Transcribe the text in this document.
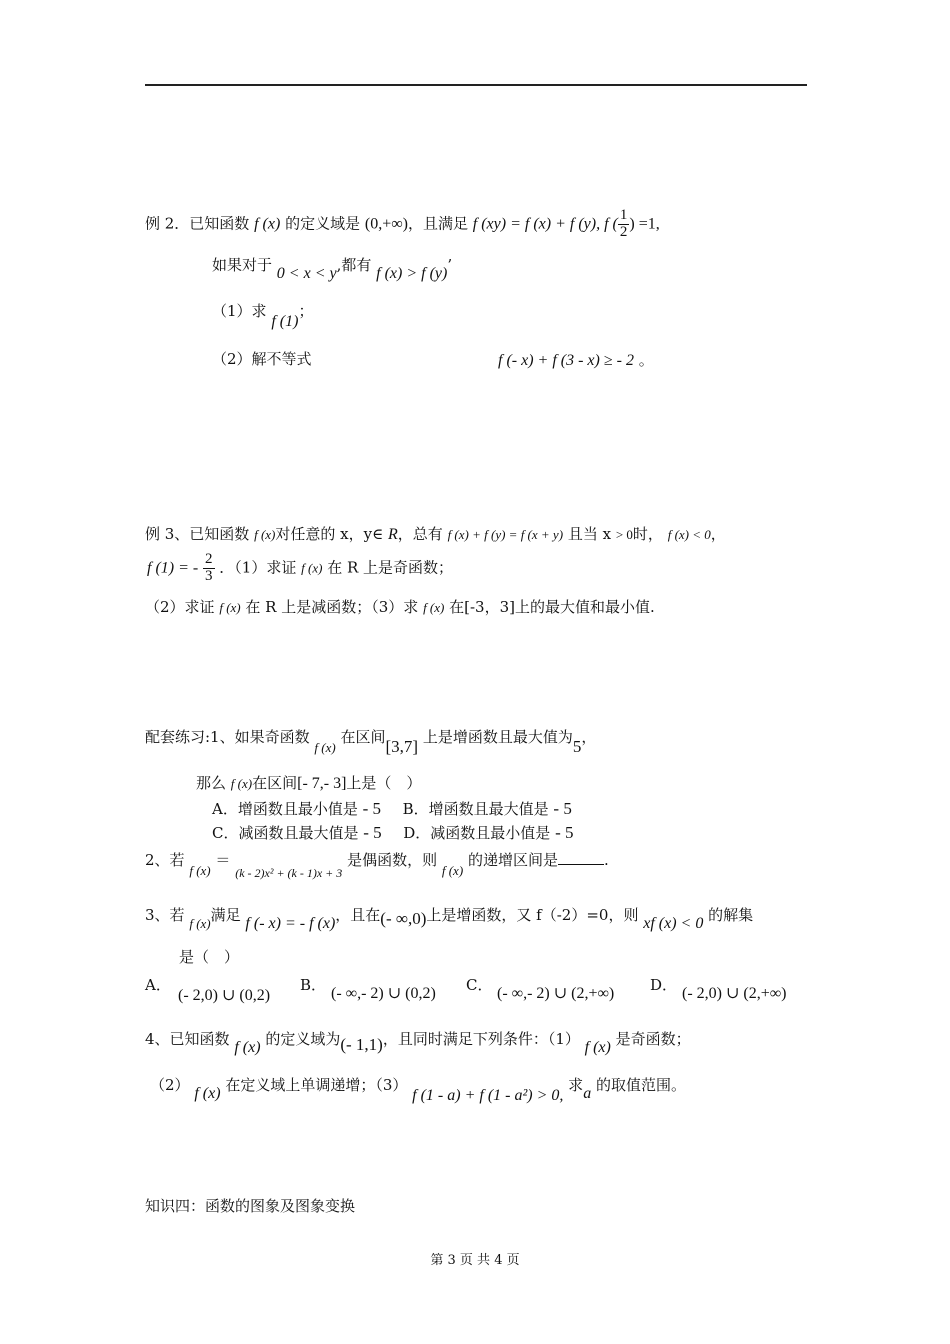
例 2．已知函数 f (x) 的定义域是 (0,+∞)，且满足 f (xy) = f (x) + f (y), f ( $\frac{1}{2}$ ) =1,
如果对于 0 < x < y,都有 f (x) > f (y)’
（1）求 f (1)；
（2）解不等式	f (- x) + f (3 - x) ≥ - 2 。
例 3、已知函数 f (x)对任意的 x，y∈ R，总有 f (x) + f (y) = f (x + y) 且当 x > 0时， f (x) < 0，
f (1) = - $\frac{2}{3}$ ．（1）求证 f (x) 在 R 上是奇函数；
（2）求证 f (x) 在 R 上是减函数；（3）求 f (x) 在[-3，3]上的最大值和最小值.
配套练习:1、如果奇函数 f (x) 在区间[3,7] 上是增函数且最大值为5，
那么 f (x)在区间[- 7,- 3]上是（　）
A．增函数且最小值是 - 5 B．增函数且最大值是 - 5
C．减函数且最大值是 - 5 D．减函数且最小值是 - 5
2、若 f (x) ＝ $_{(k - 2)x^2 + (k - 1)x + 3}$ 是偶函数，则 f (x) 的递增区间是	.
3、若 f (x)满足 f (- x) = - f (x)，且在(- ∞,0)上是增函数，又 f（-2）=0，则 xf (x) < 0 的解集
是（　）
A．
(- 2,0) ∪ (0,2)
B． (- ∞,- 2) ∪ (0,2) C． (- ∞,- 2) ∪ (2,+∞) D． (- 2,0) ∪ (2,+∞)
4、已知函数 f (x) 的定义域为(- 1,1)，且同时满足下列条件：（1） f (x) 是奇函数；
（2） f (x) 在定义域上单调递增；（3） f (1 - a) + f (1 - a²) > 0, 求a 的取值范围。
知识四：函数的图象及图象变换
第 3 页 共 4 页
